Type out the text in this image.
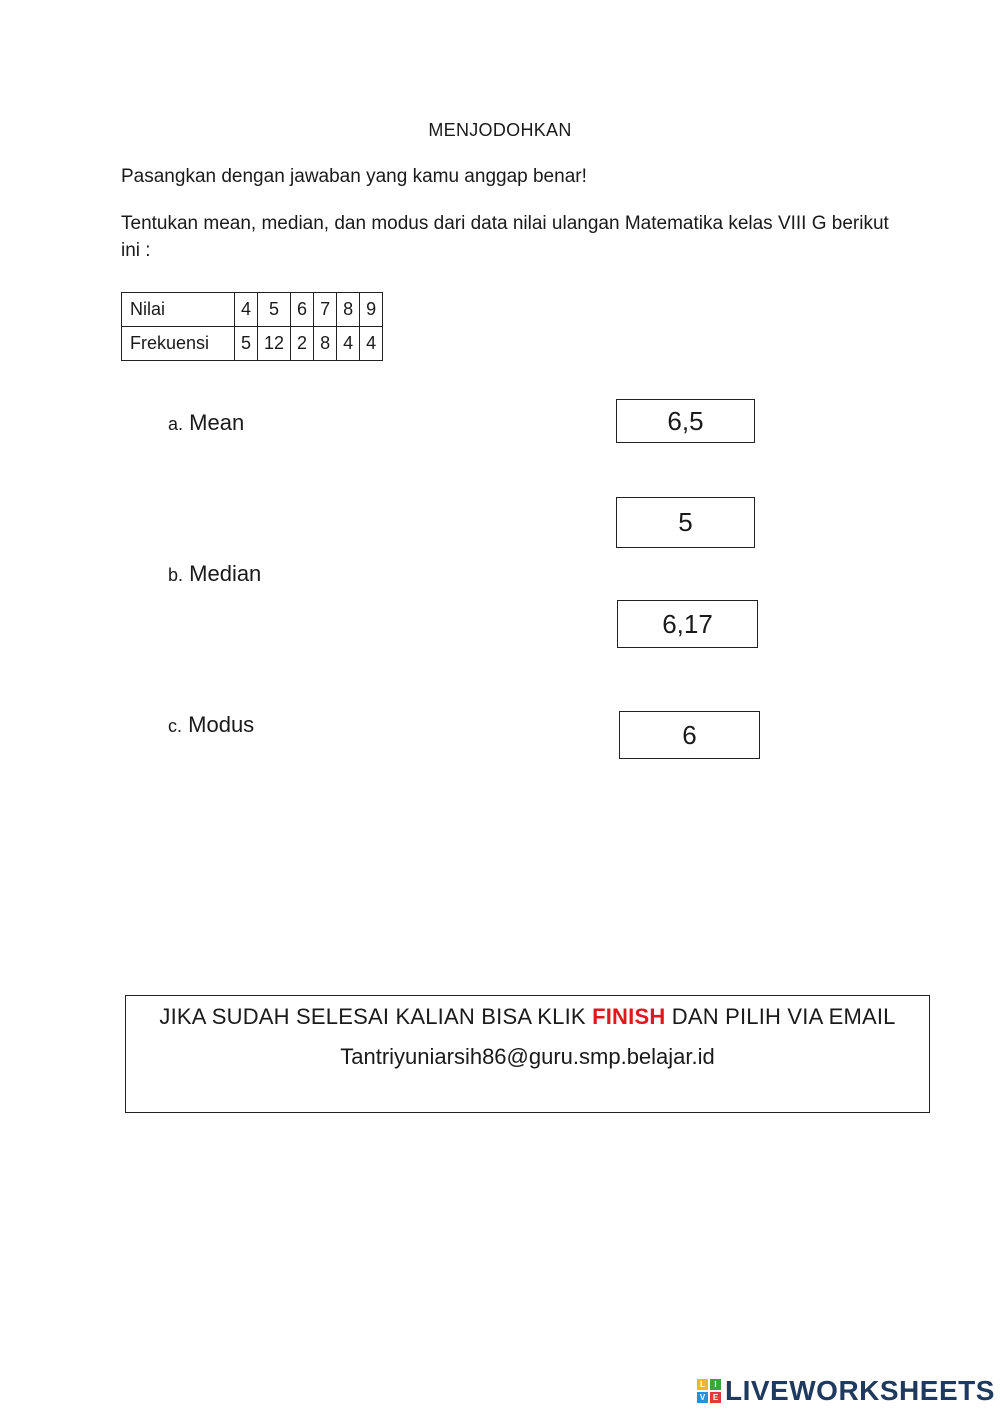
MENJODOHKAN
Pasangkan dengan jawaban yang kamu anggap benar!
Tentukan mean, median, dan modus dari data nilai ulangan Matematika kelas VIII G berikut ini :
Nilai	4	5	6	7	8	9
Frekuensi	5	12	2	8	4	4
a. Mean
b. Median
c. Modus
6,5
5
6,17
6
JIKA SUDAH SELESAI KALIAN BISA KLIK FINISH DAN PILIH VIA EMAIL
Tantriyuniarsih86@guru.smp.belajar.id
L	I
V E LIVEWORKSHEETS
